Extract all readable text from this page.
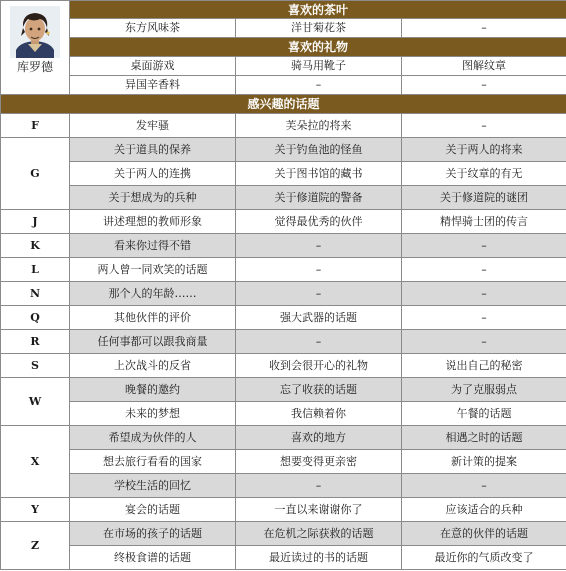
库罗德	喜欢的茶叶		
	东方风味茶	洋甘菊花茶	–
	喜欢的礼物		
	桌面游戏	骑马用靴子	图解纹章
	异国辛香料	–	–
感兴趣的话题			
F	发牢骚	芙朵拉的将来	–
G	关于道具的保养	关于钓鱼池的怪鱼	关于两人的将来
	关于两人的连携	关于图书馆的藏书	关于纹章的有无
	关于想成为的兵种	关于修道院的警备	关于修道院的谜团
J	讲述理想的教师形象	觉得最优秀的伙伴	精悍骑士团的传言
K	看来你过得不错	–	–
L	两人曾一同欢笑的话题	–	–
N	那个人的年龄……	–	–
Q	其他伙伴的评价	强大武器的话题	–
R	任何事都可以跟我商量	–	–
S	上次战斗的反省	收到会很开心的礼物	说出自己的秘密
W	晚餐的邀约	忘了收获的话题	为了克服弱点
	未来的梦想	我信赖着你	午餐的话题
X	希望成为伙伴的人	喜欢的地方	相遇之时的话题
	想去旅行看看的国家	想要变得更亲密	新计策的提案
	学校生活的回忆	–	–
Y	宴会的话题	一直以来谢谢你了	应该适合的兵种
Z	在市场的孩子的话题	在危机之际获救的话题	在意的伙伴的话题
	终极食谱的话题	最近读过的书的话题	最近你的气质改变了
